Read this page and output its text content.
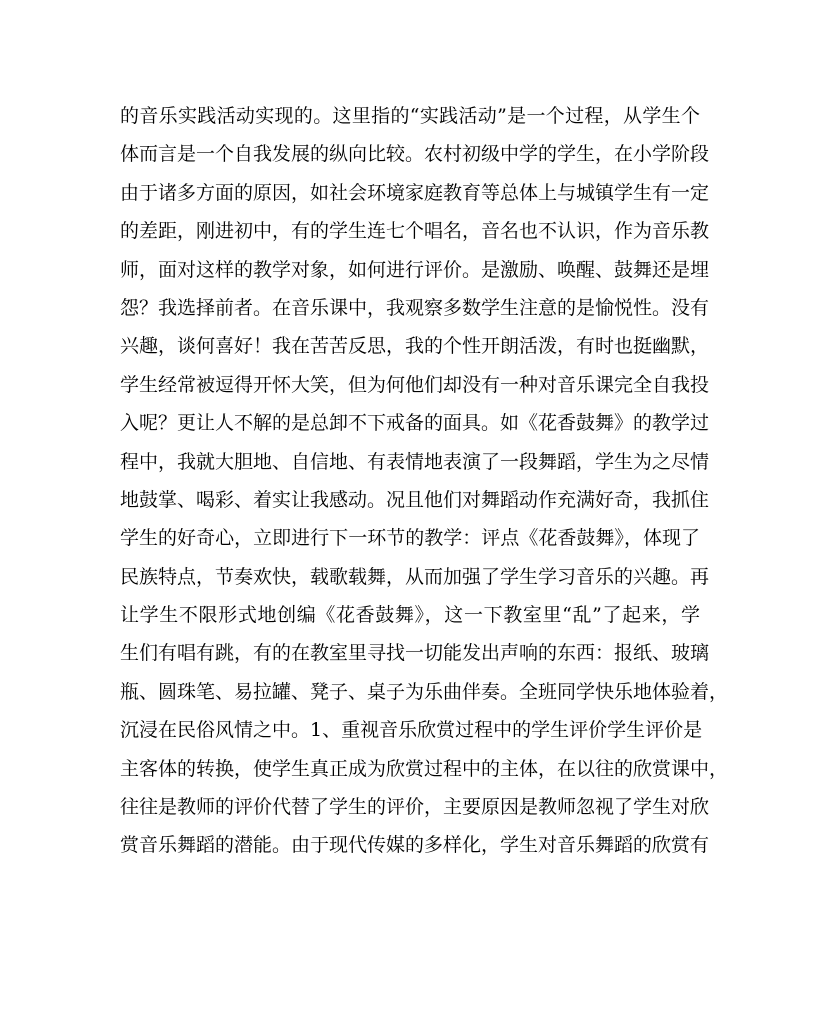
的音乐实践活动实现的。这里指的“实践活动”是一个过程，从学生个
体而言是一个自我发展的纵向比较。农村初级中学的学生，在小学阶段
由于诸多方面的原因，如社会环境家庭教育等总体上与城镇学生有一定
的差距，刚进初中，有的学生连七个唱名，音名也不认识，作为音乐教
师，面对这样的教学对象，如何进行评价。是激励、唤醒、鼓舞还是埋
怨？我选择前者。在音乐课中，我观察多数学生注意的是愉悦性。没有
兴趣，谈何喜好！我在苦苦反思，我的个性开朗活泼，有时也挺幽默，
学生经常被逗得开怀大笑，但为何他们却没有一种对音乐课完全自我投
入呢？更让人不解的是总卸不下戒备的面具。如《花香鼓舞》的教学过
程中，我就大胆地、自信地、有表情地表演了一段舞蹈，学生为之尽情
地鼓掌、喝彩、着实让我感动。况且他们对舞蹈动作充满好奇，我抓住
学生的好奇心，立即进行下一环节的教学：评点《花香鼓舞》，体现了
民族特点，节奏欢快，载歌载舞，从而加强了学生学习音乐的兴趣。再
让学生不限形式地创编《花香鼓舞》，这一下教室里“乱”了起来，学
生们有唱有跳，有的在教室里寻找一切能发出声响的东西：报纸、玻璃
瓶、圆珠笔、易拉罐、凳子、桌子为乐曲伴奏。全班同学快乐地体验着，
沉浸在民俗风情之中。1、重视音乐欣赏过程中的学生评价学生评价是
主客体的转换，使学生真正成为欣赏过程中的主体，在以往的欣赏课中，
往往是教师的评价代替了学生的评价，主要原因是教师忽视了学生对欣
赏音乐舞蹈的潜能。由于现代传媒的多样化，学生对音乐舞蹈的欣赏有
